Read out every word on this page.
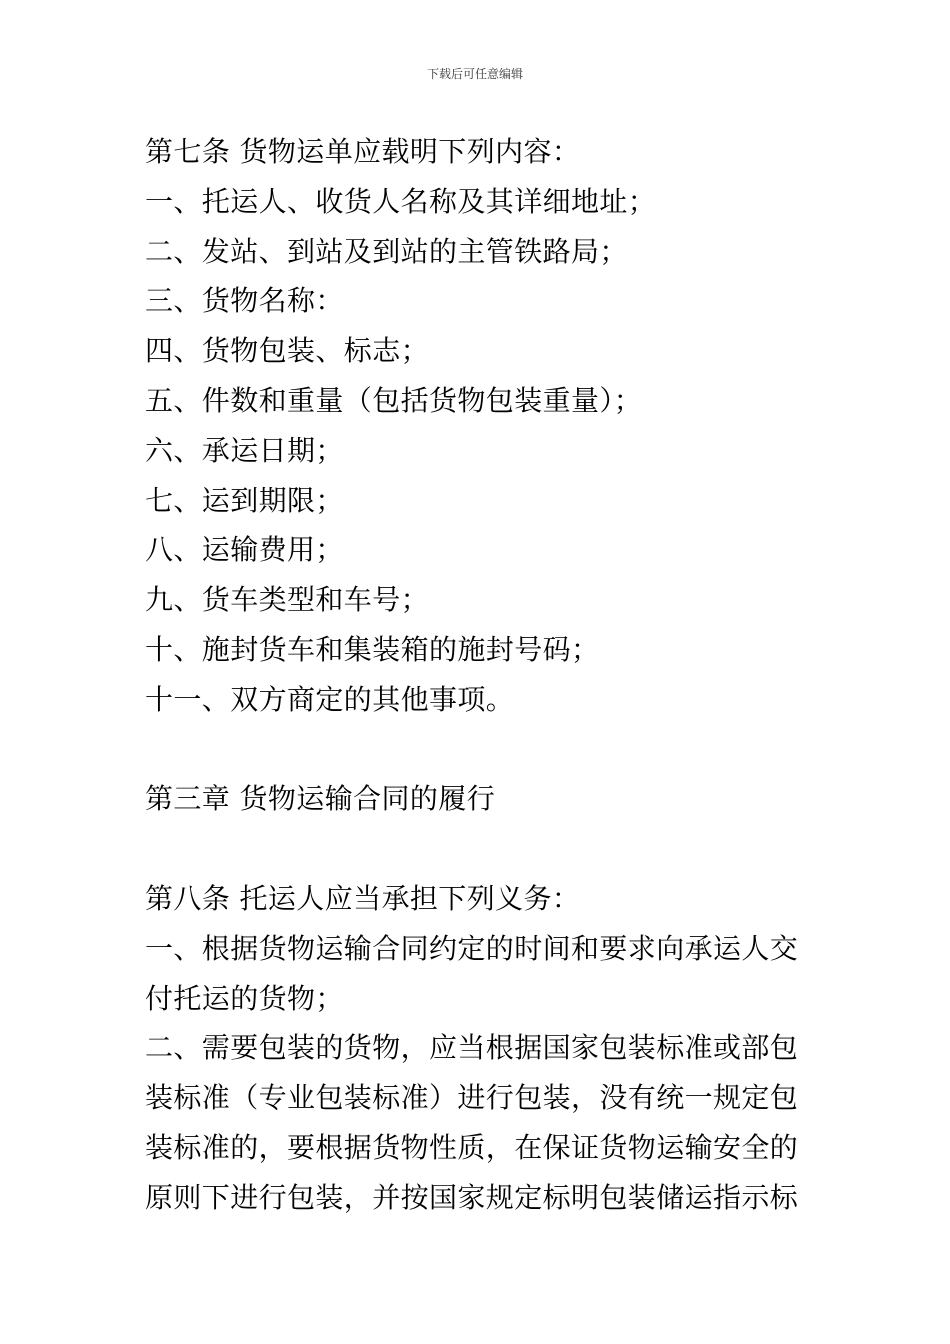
下载后可任意编辑
第七条 货物运单应载明下列内容：
一、托运人、收货人名称及其详细地址；
二、发站、到站及到站的主管铁路局；
三、货物名称：
四、货物包装、标志；
五、件数和重量（包括货物包装重量）；
六、承运日期；
七、运到期限；
八、运输费用；
九、货车类型和车号；
十、施封货车和集装箱的施封号码；
十一、双方商定的其他事项。
第三章 货物运输合同的履行
第八条 托运人应当承担下列义务：
一、根据货物运输合同约定的时间和要求向承运人交
付托运的货物；
二、需要包装的货物，应当根据国家包装标准或部包
装标准（专业包装标准）进行包装，没有统一规定包
装标准的，要根据货物性质，在保证货物运输安全的
原则下进行包装，并按国家规定标明包装储运指示标
